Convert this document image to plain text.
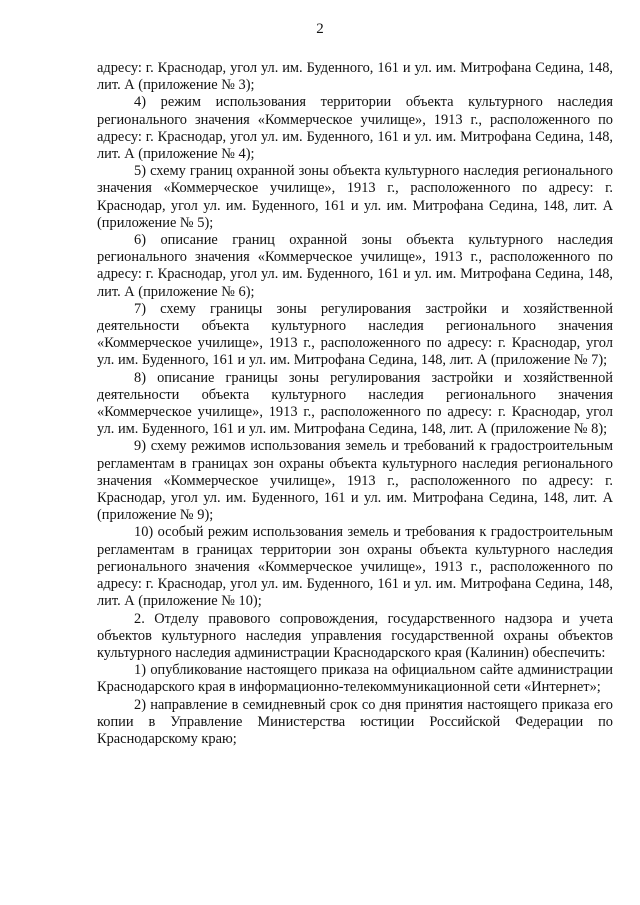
2

адресу: г. Краснодар, угол ул. им. Буденного, 161 и ул. им. Митрофана Седина, 148, лит. А (приложение № 3);

4) режим использования территории объекта культурного наследия регионального значения «Коммерческое училище», 1913 г., расположенного по адресу: г. Краснодар, угол ул. им. Буденного, 161 и ул. им. Митрофана Седина, 148, лит. А (приложение № 4);

5) схему границ охранной зоны объекта культурного наследия регионального значения «Коммерческое училище», 1913 г., расположенного по адресу: г. Краснодар, угол ул. им. Буденного, 161 и ул. им. Митрофана Седина, 148, лит. А (приложение № 5);

6) описание границ охранной зоны объекта культурного наследия регионального значения «Коммерческое училище», 1913 г., расположенного по адресу: г. Краснодар, угол ул. им. Буденного, 161 и ул. им. Митрофана Седина, 148, лит. А (приложение № 6);

7) схему границы зоны регулирования застройки и хозяйственной деятельности объекта культурного наследия регионального значения «Коммерческое училище», 1913 г., расположенного по адресу: г. Краснодар, угол ул. им. Буденного, 161 и ул. им. Митрофана Седина, 148, лит. А (приложение № 7);

8) описание границы зоны регулирования застройки и хозяйственной деятельности объекта культурного наследия регионального значения «Коммерческое училище», 1913 г., расположенного по адресу: г. Краснодар, угол ул. им. Буденного, 161 и ул. им. Митрофана Седина, 148, лит. А (приложение № 8);

9) схему режимов использования земель и требований к градостроительным регламентам в границах зон охраны объекта культурного наследия регионального значения «Коммерческое училище», 1913 г., расположенного по адресу: г. Краснодар, угол ул. им. Буденного, 161 и ул. им. Митрофана Седина, 148, лит. А (приложение № 9);

10) особый режим использования земель и требования к градостроительным регламентам в границах территории зон охраны объекта культурного наследия регионального значения «Коммерческое училище», 1913 г., расположенного по адресу: г. Краснодар, угол ул. им. Буденного, 161 и ул. им. Митрофана Седина, 148, лит. А (приложение № 10);

2. Отделу правового сопровождения, государственного надзора и учета объектов культурного наследия управления государственной охраны объектов культурного наследия администрации Краснодарского края (Калинин) обеспечить:

1) опубликование настоящего приказа на официальном сайте администрации Краснодарского края в информационно-телекоммуникационной сети «Интернет»;

2) направление в семидневный срок со дня принятия настоящего приказа его копии в Управление Министерства юстиции Российской Федерации по Краснодарскому краю;
